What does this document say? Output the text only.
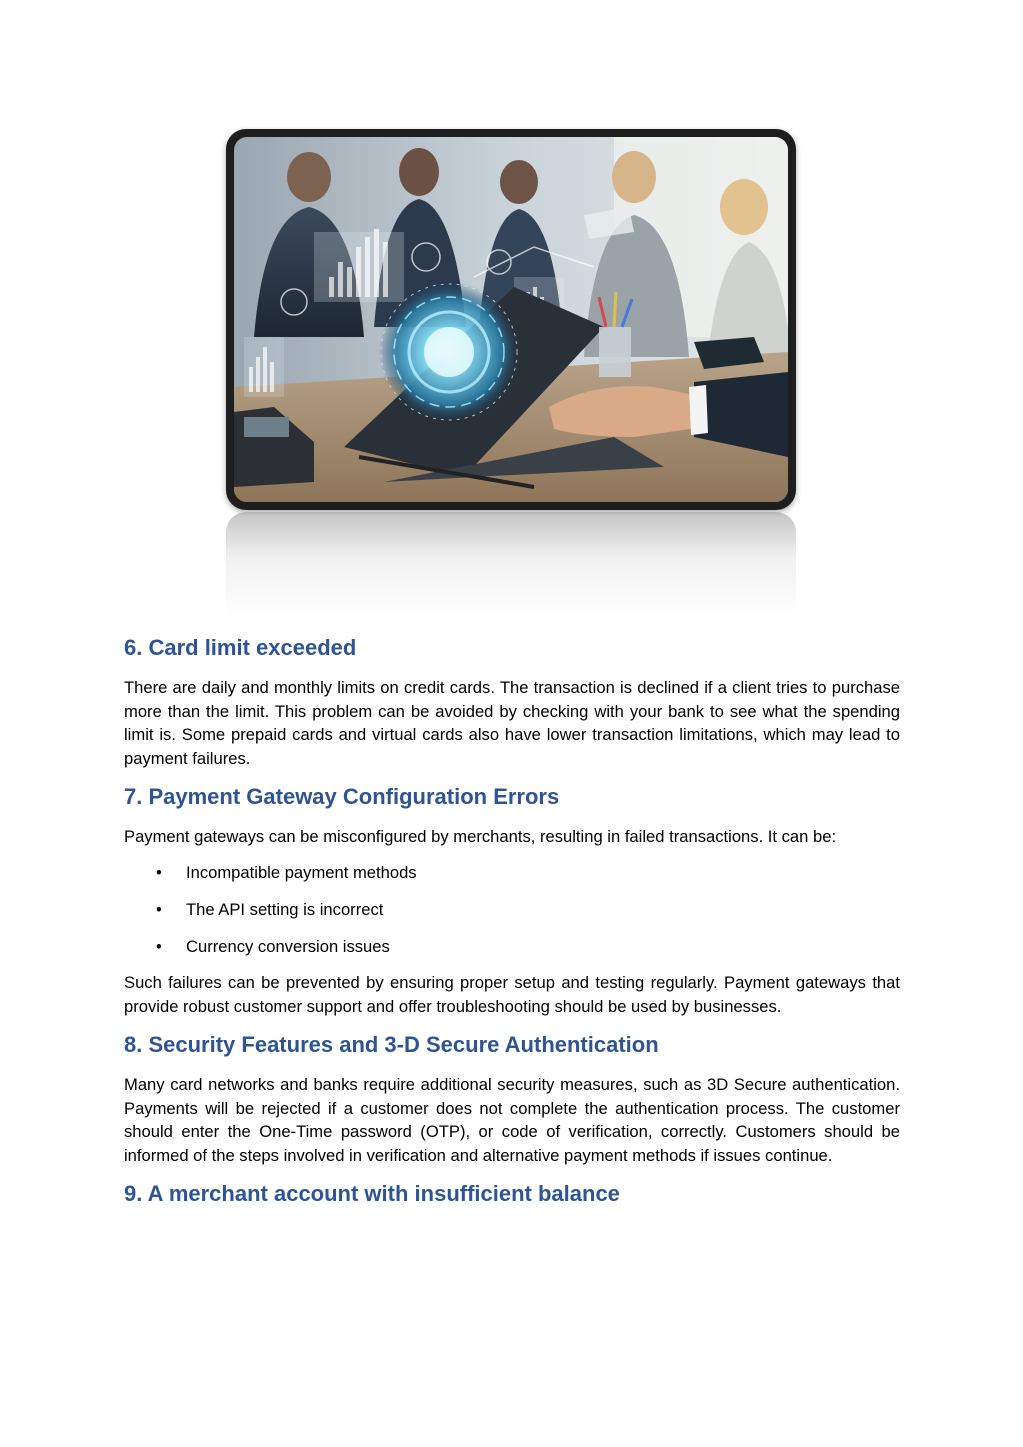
6. Card limit exceeded

There are daily and monthly limits on credit cards. The transaction is declined if a client tries to purchase more than the limit. This problem can be avoided by checking with your bank to see what the spending limit is. Some prepaid cards and virtual cards also have lower transaction limitations, which may lead to payment failures.

7. Payment Gateway Configuration Errors

Payment gateways can be misconfigured by merchants, resulting in failed transactions. It can be:

• Incompatible payment methods
• The API setting is incorrect
• Currency conversion issues

Such failures can be prevented by ensuring proper setup and testing regularly. Payment gateways that provide robust customer support and offer troubleshooting should be used by businesses.

8. Security Features and 3-D Secure Authentication

Many card networks and banks require additional security measures, such as 3D Secure authentication. Payments will be rejected if a customer does not complete the authentication process. The customer should enter the One-Time password (OTP), or code of verification, correctly. Customers should be informed of the steps involved in verification and alternative payment methods if issues continue.

9. A merchant account with insufficient balance
